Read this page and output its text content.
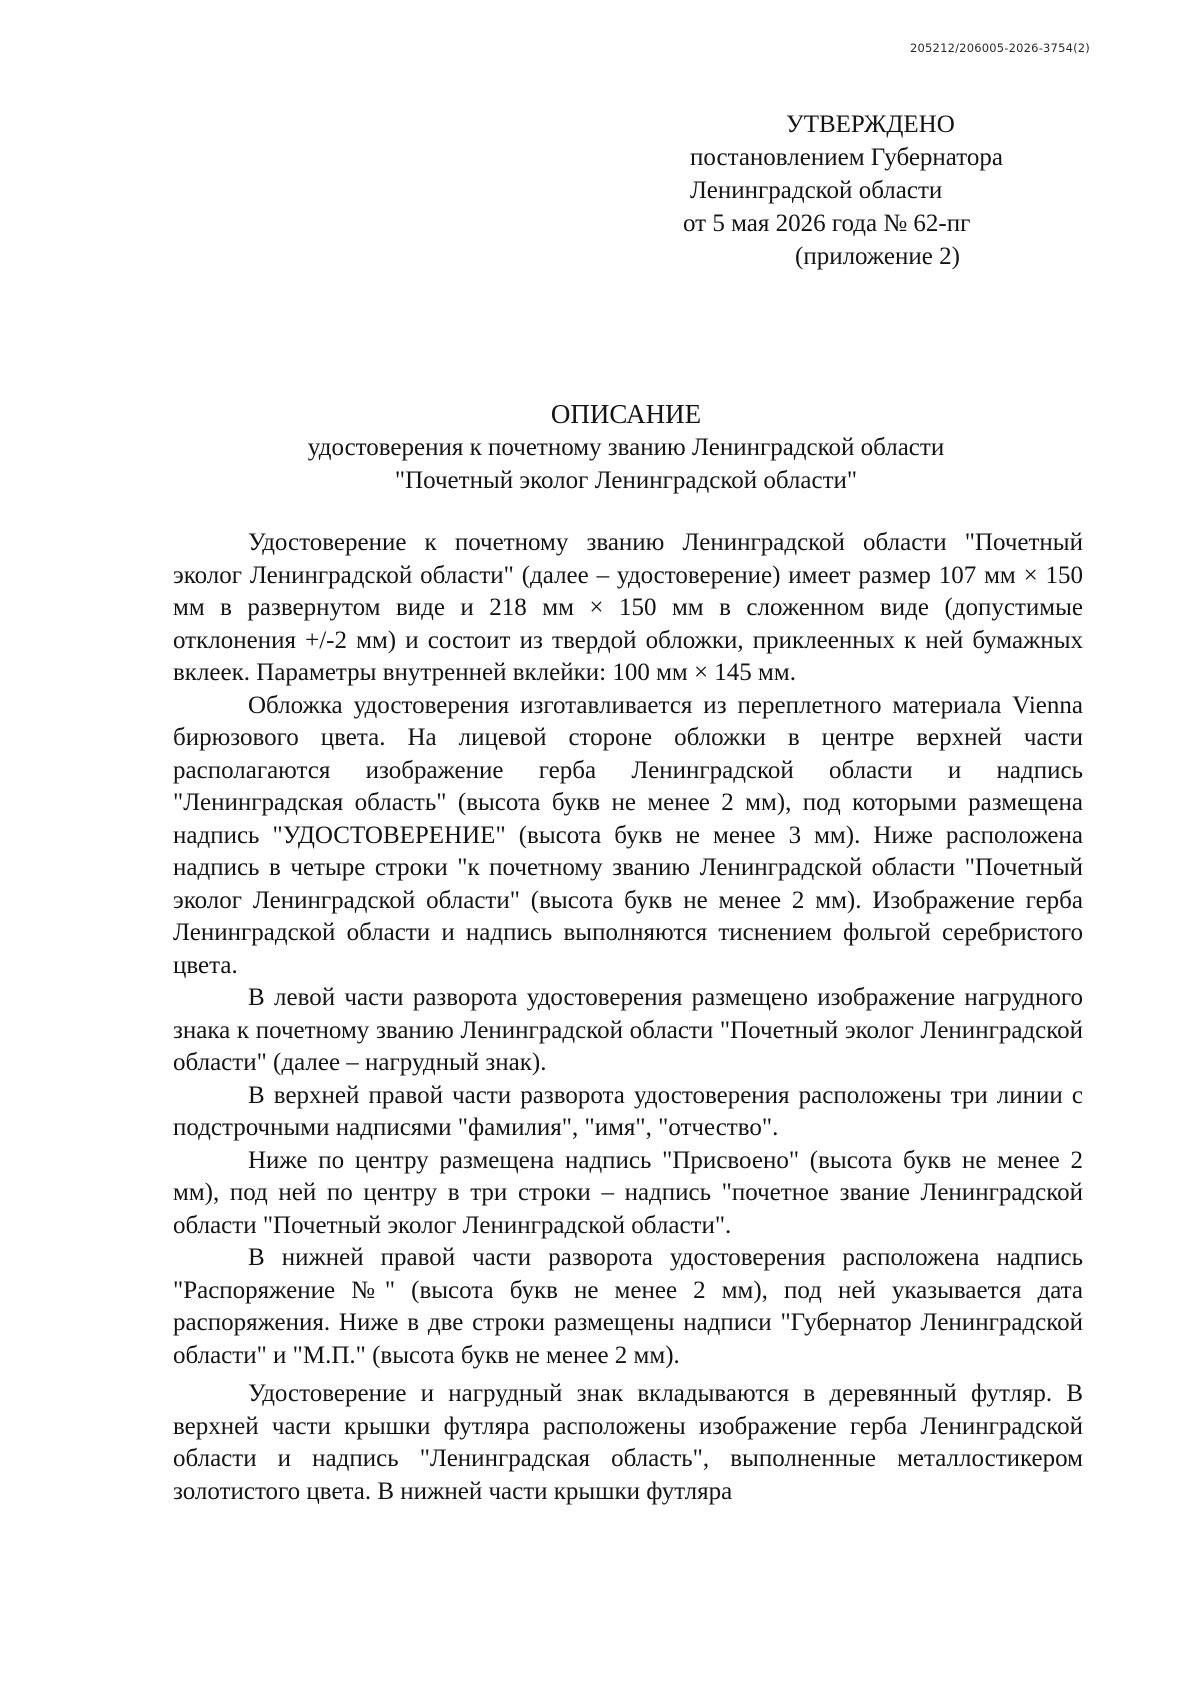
205212/206005-2026-3754(2)
УТВЕРЖДЕНО
постановлением Губернатора
Ленинградской области
от 5 мая 2026 года № 62-пг
(приложение 2)
ОПИСАНИЕ
удостоверения к почетному званию Ленинградской области
"Почетный эколог Ленинградской области"

Удостоверение к почетному званию Ленинградской области "Почетный эколог Ленинградской области" (далее – удостоверение) имеет размер 107 мм × 150 мм в развернутом виде и 218 мм × 150 мм в сложенном виде (допустимые отклонения +/-2 мм) и состоит из твердой обложки, приклеенных к ней бумажных вклеек. Параметры внутренней вклейки: 100 мм × 145 мм.

Обложка удостоверения изготавливается из переплетного материала Vienna бирюзового цвета. На лицевой стороне обложки в центре верхней части располагаются изображение герба Ленинградской области и надпись "Ленинградская область" (высота букв не менее 2 мм), под которыми размещена надпись "УДОСТОВЕРЕНИЕ" (высота букв не менее 3 мм). Ниже расположена надпись в четыре строки "к почетному званию Ленинградской области "Почетный эколог Ленинградской области" (высота букв не менее 2 мм). Изображение герба Ленинградской области и надпись выполняются тиснением фольгой серебристого цвета.

В левой части разворота удостоверения размещено изображение нагрудного знака к почетному званию Ленинградской области "Почетный эколог Ленинградской области" (далее – нагрудный знак).

В верхней правой части разворота удостоверения расположены три линии с подстрочными надписями "фамилия", "имя", "отчество".

Ниже по центру размещена надпись "Присвоено" (высота букв не менее 2 мм), под ней по центру в три строки – надпись "почетное звание Ленинградской области "Почетный эколог Ленинградской области".

В нижней правой части разворота удостоверения расположена надпись "Распоряжение №" (высота букв не менее 2 мм), под ней указывается дата распоряжения. Ниже в две строки размещены надписи "Губернатор Ленинградской области" и "М.П." (высота букв не менее 2 мм).

Удостоверение и нагрудный знак вкладываются в деревянный футляр. В верхней части крышки футляра расположены изображение герба Ленинградской области и надпись "Ленинградская область", выполненные металлостикером золотистого цвета. В нижней части крышки футляра
